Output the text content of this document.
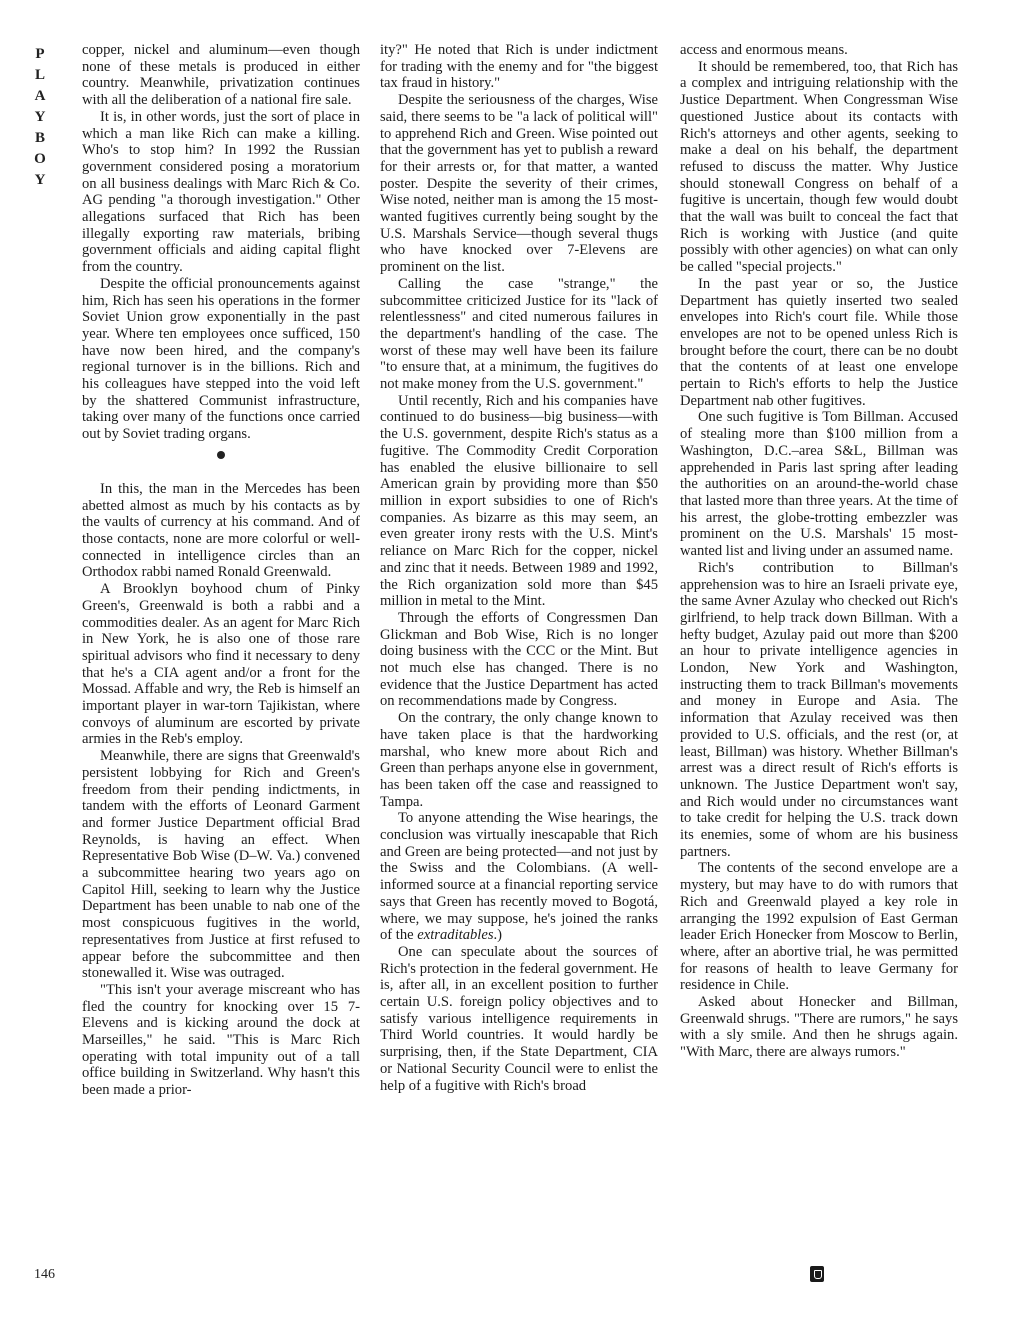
P
L
A
Y
B
O
Y

copper, nickel and aluminum—even though none of these metals is produced in either country. Meanwhile, privatization continues with all the deliberation of a national fire sale.

It is, in other words, just the sort of place in which a man like Rich can make a killing. Who's to stop him? In 1992 the Russian government considered posing a moratorium on all business dealings with Marc Rich & Co. AG pending "a thorough investigation." Other allegations surfaced that Rich has been illegally exporting raw materials, bribing government officials and aiding capital flight from the country.

Despite the official pronouncements against him, Rich has seen his operations in the former Soviet Union grow exponentially in the past year. Where ten employees once sufficed, 150 have now been hired, and the company's regional turnover is in the billions. Rich and his colleagues have stepped into the void left by the shattered Communist infrastructure, taking over many of the functions once carried out by Soviet trading organs.

In this, the man in the Mercedes has been abetted almost as much by his contacts as by the vaults of currency at his command. And of those contacts, none are more colorful or well-connected in intelligence circles than an Orthodox rabbi named Ronald Greenwald.

A Brooklyn boyhood chum of Pinky Green's, Greenwald is both a rabbi and a commodities dealer. As an agent for Marc Rich in New York, he is also one of those rare spiritual advisors who find it necessary to deny that he's a CIA agent and/or a front for the Mossad. Affable and wry, the Reb is himself an important player in war-torn Tajikistan, where convoys of aluminum are escorted by private armies in the Reb's employ.

Meanwhile, there are signs that Greenwald's persistent lobbying for Rich and Green's freedom from their pending indictments, in tandem with the efforts of Leonard Garment and former Justice Department official Brad Reynolds, is having an effect. When Representative Bob Wise (D–W. Va.) convened a subcommittee hearing two years ago on Capitol Hill, seeking to learn why the Justice Department has been unable to nab one of the most conspicuous fugitives in the world, representatives from Justice at first refused to appear before the subcommittee and then stonewalled it. Wise was outraged.

"This isn't your average miscreant who has fled the country for knocking over 15 7-Elevens and is kicking around the dock at Marseilles," he said. "This is Marc Rich operating with total impunity out of a tall office building in Switzerland. Why hasn't this been made a prior-

ity?" He noted that Rich is under indictment for trading with the enemy and for "the biggest tax fraud in history."

Despite the seriousness of the charges, Wise said, there seems to be "a lack of political will" to apprehend Rich and Green. Wise pointed out that the government has yet to publish a reward for their arrests or, for that matter, a wanted poster. Despite the severity of their crimes, Wise noted, neither man is among the 15 most-wanted fugitives currently being sought by the U.S. Marshals Service—though several thugs who have knocked over 7-Elevens are prominent on the list.

Calling the case "strange," the subcommittee criticized Justice for its "lack of relentlessness" and cited numerous failures in the department's handling of the case. The worst of these may well have been its failure "to ensure that, at a minimum, the fugitives do not make money from the U.S. government."

Until recently, Rich and his companies have continued to do business—big business—with the U.S. government, despite Rich's status as a fugitive. The Commodity Credit Corporation has enabled the elusive billionaire to sell American grain by providing more than $50 million in export subsidies to one of Rich's companies. As bizarre as this may seem, an even greater irony rests with the U.S. Mint's reliance on Marc Rich for the copper, nickel and zinc that it needs. Between 1989 and 1992, the Rich organization sold more than $45 million in metal to the Mint.

Through the efforts of Congressmen Dan Glickman and Bob Wise, Rich is no longer doing business with the CCC or the Mint. But not much else has changed. There is no evidence that the Justice Department has acted on recommendations made by Congress.

On the contrary, the only change known to have taken place is that the hardworking marshal, who knew more about Rich and Green than perhaps anyone else in government, has been taken off the case and reassigned to Tampa.

To anyone attending the Wise hearings, the conclusion was virtually inescapable that Rich and Green are being protected—and not just by the Swiss and the Colombians. (A well-informed source at a financial reporting service says that Green has recently moved to Bogotá, where, we may suppose, he's joined the ranks of the extraditables.)

One can speculate about the sources of Rich's protection in the federal government. He is, after all, in an excellent position to further certain U.S. foreign policy objectives and to satisfy various intelligence requirements in Third World countries. It would hardly be surprising, then, if the State Department, CIA or National Security Council were to enlist the help of a fugitive with Rich's broad

access and enormous means.

It should be remembered, too, that Rich has a complex and intriguing relationship with the Justice Department. When Congressman Wise questioned Justice about its contacts with Rich's attorneys and other agents, seeking to make a deal on his behalf, the department refused to discuss the matter. Why Justice should stonewall Congress on behalf of a fugitive is uncertain, though few would doubt that the wall was built to conceal the fact that Rich is working with Justice (and quite possibly with other agencies) on what can only be called "special projects."

In the past year or so, the Justice Department has quietly inserted two sealed envelopes into Rich's court file. While those envelopes are not to be opened unless Rich is brought before the court, there can be no doubt that the contents of at least one envelope pertain to Rich's efforts to help the Justice Department nab other fugitives.

One such fugitive is Tom Billman. Accused of stealing more than $100 million from a Washington, D.C.–area S&L, Billman was apprehended in Paris last spring after leading the authorities on an around-the-world chase that lasted more than three years. At the time of his arrest, the globe-trotting embezzler was prominent on the U.S. Marshals' 15 most-wanted list and living under an assumed name.

Rich's contribution to Billman's apprehension was to hire an Israeli private eye, the same Avner Azulay who checked out Rich's girlfriend, to help track down Billman. With a hefty budget, Azulay paid out more than $200 an hour to private intelligence agencies in London, New York and Washington, instructing them to track Billman's movements and money in Europe and Asia. The information that Azulay received was then provided to U.S. officials, and the rest (or, at least, Billman) was history. Whether Billman's arrest was a direct result of Rich's efforts is unknown. The Justice Department won't say, and Rich would under no circumstances want to take credit for helping the U.S. track down its enemies, some of whom are his business partners.

The contents of the second envelope are a mystery, but may have to do with rumors that Rich and Greenwald played a key role in arranging the 1992 expulsion of East German leader Erich Honecker from Moscow to Berlin, where, after an abortive trial, he was permitted for reasons of health to leave Germany for residence in Chile.

Asked about Honecker and Billman, Greenwald shrugs. "There are rumors," he says with a sly smile. And then he shrugs again. "With Marc, there are always rumors."

146
